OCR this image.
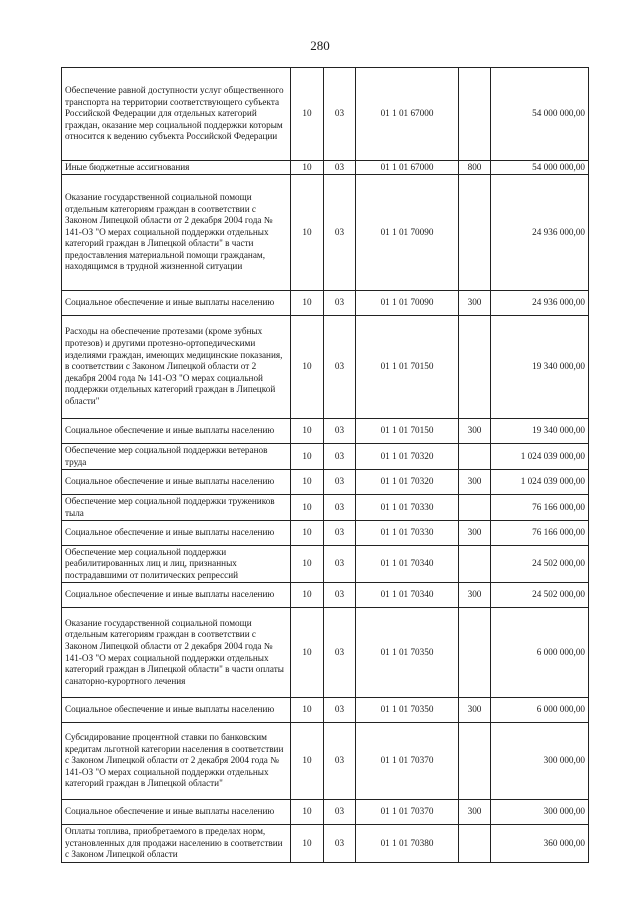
280
Обеспечение равной доступности услуг общественного транспорта на территории соответствующего субъекта Российской Федерации для отдельных категорий граждан, оказание мер социальной поддержки которым относится к ведению субъекта Российской Федерации	10	03	01 1 01 67000		54 000 000,00
Иные бюджетные ассигнования	10	03	01 1 01 67000	800	54 000 000,00
Оказание государственной социальной помощи отдельным категориям граждан в соответствии с Законом Липецкой области от 2 декабря 2004 года № 141-ОЗ "О мерах социальной поддержки отдельных категорий граждан в Липецкой области" в части предоставления материальной помощи гражданам, находящимся в трудной жизненной ситуации	10	03	01 1 01 70090		24 936 000,00
Социальное обеспечение и иные выплаты населению	10	03	01 1 01 70090	300	24 936 000,00
Расходы на обеспечение протезами (кроме зубных протезов) и другими протезно-ортопедическими изделиями граждан, имеющих медицинские показания, в соответствии с Законом Липецкой области от 2 декабря 2004 года № 141-ОЗ "О мерах социальной поддержки отдельных категорий граждан в Липецкой области"	10	03	01 1 01 70150		19 340 000,00
Социальное обеспечение и иные выплаты населению	10	03	01 1 01 70150	300	19 340 000,00
Обеспечение мер социальной поддержки ветеранов труда	10	03	01 1 01 70320		1 024 039 000,00
Социальное обеспечение и иные выплаты населению	10	03	01 1 01 70320	300	1 024 039 000,00
Обеспечение мер социальной поддержки тружеников тыла	10	03	01 1 01 70330		76 166 000,00
Социальное обеспечение и иные выплаты населению	10	03	01 1 01 70330	300	76 166 000,00
Обеспечение мер социальной поддержки реабилитированных лиц и лиц, признанных пострадавшими от политических репрессий	10	03	01 1 01 70340		24 502 000,00
Социальное обеспечение и иные выплаты населению	10	03	01 1 01 70340	300	24 502 000,00
Оказание государственной социальной помощи отдельным категориям граждан в соответствии с Законом Липецкой области от 2 декабря 2004 года № 141-ОЗ "О мерах социальной поддержки отдельных категорий граждан в Липецкой области" в части оплаты санаторно-курортного лечения	10	03	01 1 01 70350		6 000 000,00
Социальное обеспечение и иные выплаты населению	10	03	01 1 01 70350	300	6 000 000,00
Субсидирование процентной ставки по банковским кредитам льготной категории населения в соответствии с Законом Липецкой области от 2 декабря 2004 года № 141-ОЗ "О мерах социальной поддержки отдельных категорий граждан в Липецкой области"	10	03	01 1 01 70370		300 000,00
Социальное обеспечение и иные выплаты населению	10	03	01 1 01 70370	300	300 000,00
Оплаты топлива, приобретаемого в пределах норм, установленных для продажи населению в соответствии с Законом Липецкой области	10	03	01 1 01 70380		360 000,00
